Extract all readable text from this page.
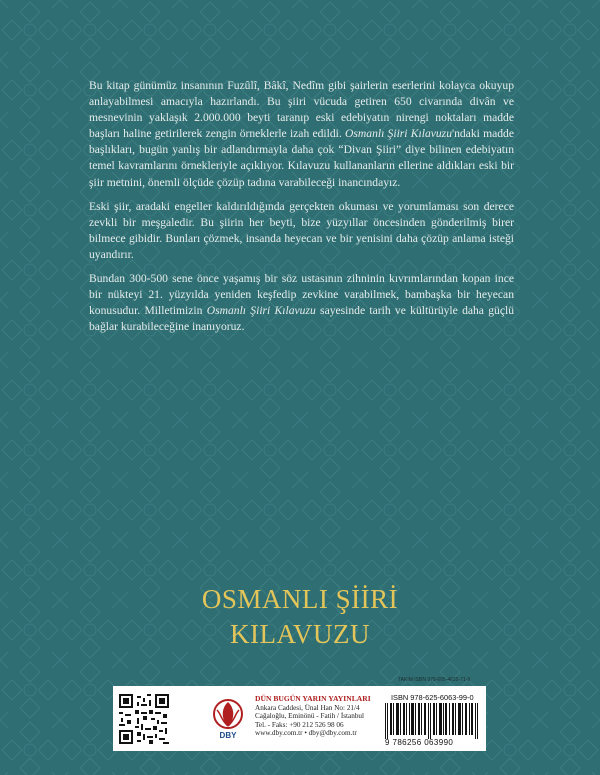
Bu kitap günümüz insanının Fuzûlî, Bâkî, Nedîm gibi şairlerin eserlerini kolayca okuyup anlayabilmesi amacıyla hazırlandı. Bu şiiri vücuda getiren 650 civarında divân ve mesnevinin yaklaşık 2.000.000 beyti taranıp eski edebiyatın nirengi noktaları madde başları haline getirilerek zengin örneklerle izah edildi. Osmanlı Şiiri Kılavuzu'ndaki madde başlıkları, bugün yanlış bir adlandırmayla daha çok “Divan Şiiri” diye bilinen edebiyatın temel kavramlarını örnekleriyle açıklıyor. Kılavuzu kullananların ellerine aldıkları eski bir şiir metnini, önemli ölçüde çözüp tadına varabileceği inancındayız.

Eski şiir, aradaki engeller kaldırıldığında gerçekten okuması ve yorumlaması son derece zevkli bir meşgaledir. Bu şiirin her beyti, bize yüzyıllar öncesinden gönderilmiş birer bilmece gibidir. Bunları çözmek, insanda heyecan ve bir yenisini daha çözüp anlama isteği uyandırır.

Bundan 300-500 sene önce yaşamış bir söz ustasının zihninin kıvrımlarından kopan ince bir nükteyi 21. yüzyılda yeniden keşfedip zevkine varabilmek, bambaşka bir heyecan konusudur. Milletimizin Osmanlı Şiiri Kılavuzu sayesinde tarih ve kültürüyle daha güçlü bağlar kurabileceğine inanıyoruz.

OSMANLI ŞİİRİ
KILAVUZU
DBY
DÜN BUGÜN YARIN YAYINLARI
Ankara Caddesi, Ünal Han No: 21/4
Cağaloğlu, Eminönü - Fatih / İstanbul
Tel. - Faks: +90 212 526 98 06
www.dby.com.tr • dby@dby.com.tr
TAKIM ISBN 978-605-4635-71-9
ISBN 978-625-6063-99-0
9 786256 063990
